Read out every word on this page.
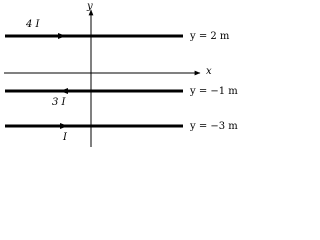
y
x
4 I
3 I
I
y = 2 m
y = −1 m
y = −3 m
